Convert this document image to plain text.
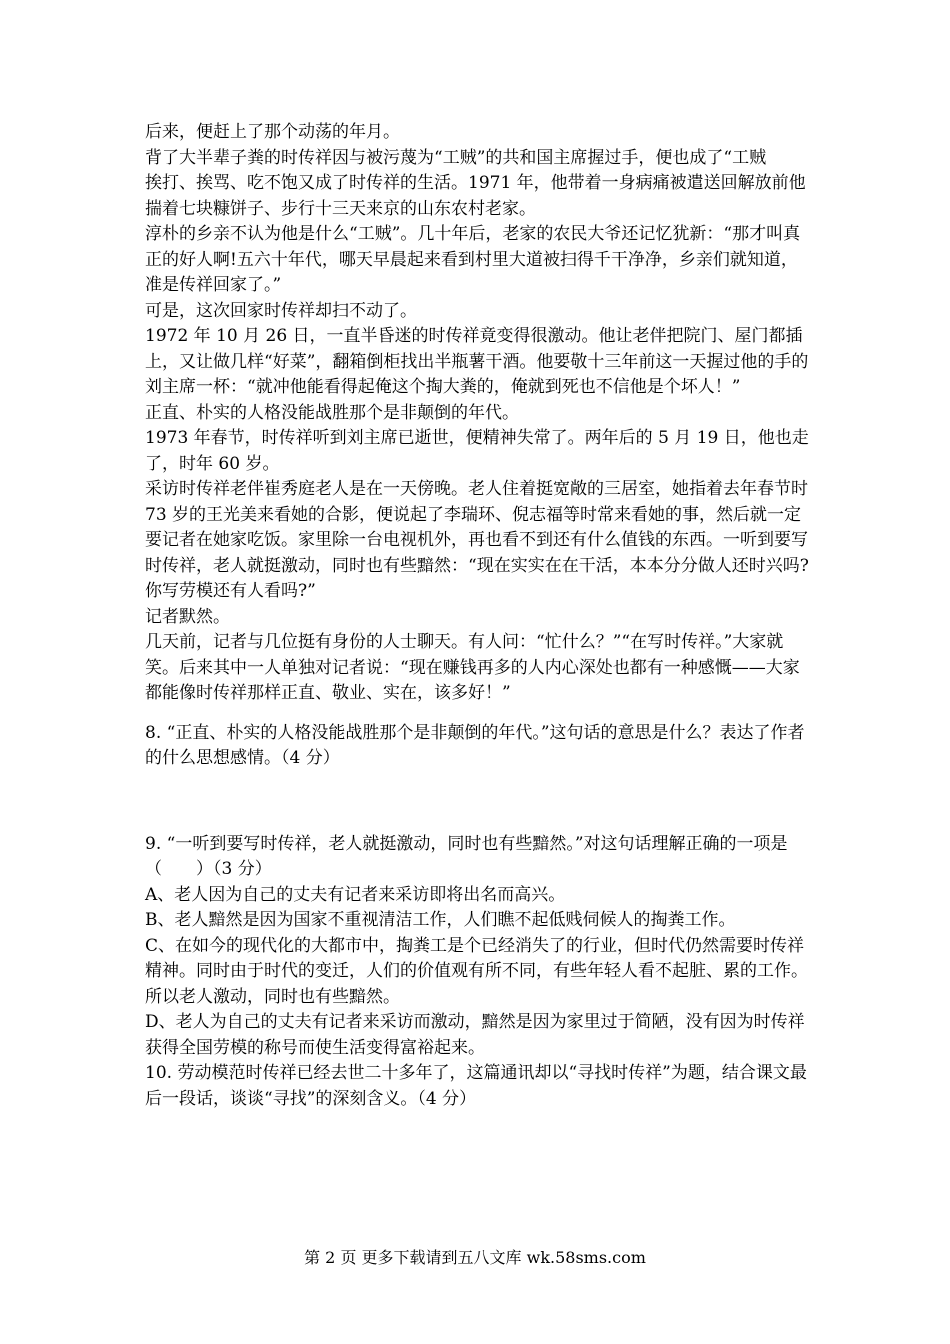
后来，便赶上了那个动荡的年月。

背了大半辈子粪的时传祥因与被污蔑为“工贼”的共和国主席握过手，便也成了“工贼

挨打、挨骂、吃不饱又成了时传祥的生活。1971 年，他带着一身病痛被遣送回解放前他揣着七块糠饼子、步行十三天来京的山东农村老家。

淳朴的乡亲不认为他是什么“工贼”。几十年后，老家的农民大爷还记忆犹新：“那才叫真正的好人啊!五六十年代，哪天早晨起来看到村里大道被扫得千干净净，乡亲们就知道，准是传祥回家了。”

可是，这次回家时传祥却扫不动了。

1972 年 10 月 26 日，一直半昏迷的时传祥竟变得很激动。他让老伴把院门、屋门都插上，又让做几样“好菜”，翻箱倒柜找出半瓶薯干酒。他要敬十三年前这一天握过他的手的刘主席一杯：“就冲他能看得起俺这个掏大粪的，俺就到死也不信他是个坏人！”

正直、朴实的人格没能战胜那个是非颠倒的年代。

1973 年春节，时传祥听到刘主席已逝世，便精神失常了。两年后的 5 月 19 日，他也走了，时年 60 岁。

采访时传祥老伴崔秀庭老人是在一天傍晚。老人住着挺宽敞的三居室，她指着去年春节时 73 岁的王光美来看她的合影，便说起了李瑞环、倪志福等时常来看她的事，然后就一定要记者在她家吃饭。家里除一台电视机外，再也看不到还有什么值钱的东西。一听到要写时传祥，老人就挺激动，同时也有些黯然：“现在实实在在干活，本本分分做人还时兴吗?你写劳模还有人看吗?”

记者默然。

几天前，记者与几位挺有身份的人士聊天。有人问：“忙什么？”“在写时传祥。”大家就笑。后来其中一人单独对记者说：“现在赚钱再多的人内心深处也都有一种感慨——大家都能像时传祥那样正直、敬业、实在，该多好！”

8. “正直、朴实的人格没能战胜那个是非颠倒的年代。”这句话的意思是什么？表达了作者的什么思想感情。（4 分）

9. “一听到要写时传祥，老人就挺激动，同时也有些黯然。”对这句话理解正确的一项是（　　）（3 分）

A、老人因为自己的丈夫有记者来采访即将出名而高兴。

B、老人黯然是因为国家不重视清洁工作，人们瞧不起低贱伺候人的掏粪工作。

C、在如今的现代化的大都市中，掏粪工是个已经消失了的行业，但时代仍然需要时传祥精神。同时由于时代的变迁，人们的价值观有所不同，有些年轻人看不起脏、累的工作。所以老人激动，同时也有些黯然。

D、老人为自己的丈夫有记者来采访而激动，黯然是因为家里过于简陋，没有因为时传祥获得全国劳模的称号而使生活变得富裕起来。

10. 劳动模范时传祥已经去世二十多年了，这篇通讯却以“寻找时传祥”为题，结合课文最后一段话，谈谈“寻找”的深刻含义。（4 分）

第 2 页 更多下载请到五八文库 wk.58sms.com
